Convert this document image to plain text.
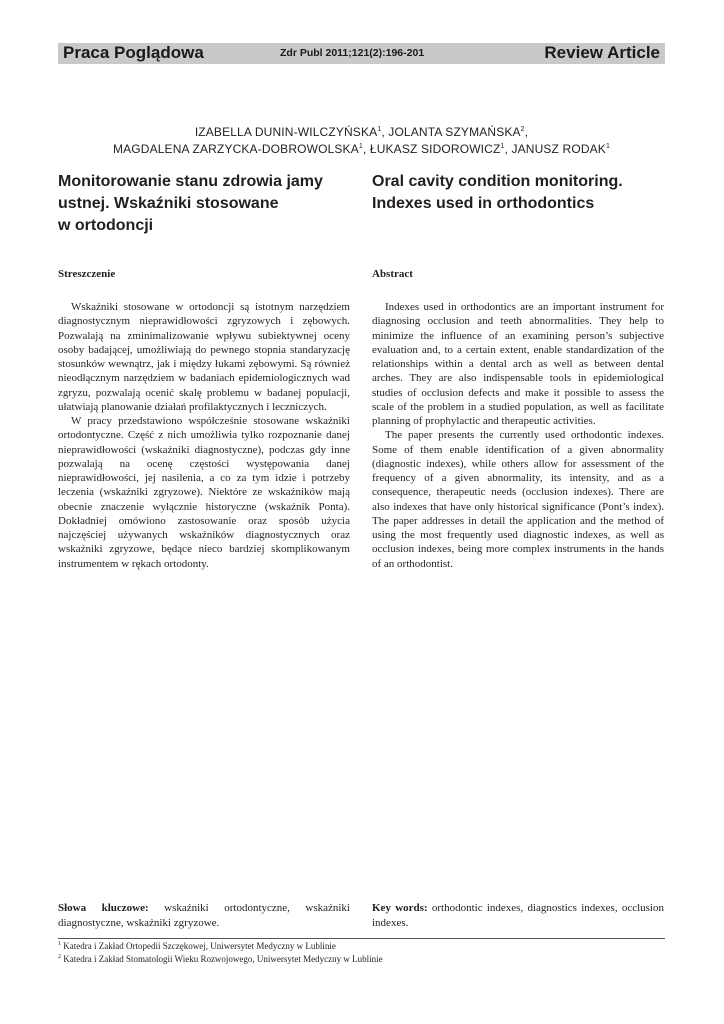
Praca Poglądowa	Zdr Publ 2011;121(2):196-201	Review Article
IZABELLA DUNIN-WILCZYŃSKA$^1$, JOLANTA SZYMAŃSKA$^2$,
MAGDALENA ZARZYCKA-DOBROWOLSKA$^1$, ŁUKASZ SIDOROWICZ$^1$, JANUSZ RODAK$^1$
Monitorowanie stanu zdrowia jamy
ustnej. Wskaźniki stosowane
w ortodoncji
Oral cavity condition monitoring.
Indexes used in orthodontics
Streszczenie	Abstract

Wskaźniki stosowane w ortodoncji są istotnym narzędziem diagnostycznym nieprawidłowości zgryzowych i zębowych. Pozwalają na zminimalizowanie wpływu subiektywnej oceny osoby badającej, umożliwiają do pewnego stopnia standaryzację stosunków wewnątrz, jak i między łukami zębowymi. Są również nieodłącznym narzędziem w badaniach epidemiologicznych wad zgryzu, pozwalają ocenić skalę problemu w badanej populacji, ułatwiają planowanie działań profilaktycznych i leczniczych.

W pracy przedstawiono współcześnie stosowane wskaźniki ortodontyczne. Część z nich umożliwia tylko rozpoznanie danej nieprawidłowości (wskaźniki diagnostyczne), podczas gdy inne pozwalają na ocenę częstości występowania danej nieprawidłowości, jej nasilenia, a co za tym idzie i potrzeby leczenia (wskaźniki zgryzowe). Niektóre ze wskaźników mają obecnie znaczenie wyłącznie historyczne (wskaźnik Ponta). Dokładniej omówiono zastosowanie oraz sposób użycia najczęściej używanych wskaźników diagnostycznych oraz wskaźniki zgryzowe, będące nieco bardziej skomplikowanym instrumentem w rękach ortodonty.

Indexes used in orthodontics are an important instrument for diagnosing occlusion and teeth abnormalities. They help to minimize the influence of an examining person’s subjective evaluation and, to a certain extent, enable standardization of the relationships within a dental arch as well as between dental arches. They are also indispensable tools in epidemiological studies of occlusion defects and make it possible to assess the scale of the problem in a studied population, as well as facilitate planning of prophylactic and therapeutic activities.

The paper presents the currently used orthodontic indexes. Some of them enable identification of a given abnormality (diagnostic indexes), while others allow for assessment of the frequency of a given abnormality, its intensity, and as a consequence, therapeutic needs (occlusion indexes). There are also indexes that have only historical significance (Pont’s index). The paper addresses in detail the application and the method of using the most frequently used diagnostic indexes, as well as occlusion indexes, being more complex instruments in the hands of an orthodontist.

Słowa kluczowe: wskaźniki ortodontyczne, wskaźniki diagnostyczne, wskaźniki zgryzowe.
Key words: orthodontic indexes, diagnostics indexes, occlusion indexes.
$^1$ Katedra i Zakład Ortopedii Szczękowej, Uniwersytet Medyczny w Lublinie
$^2$ Katedra i Zakład Stomatologii Wieku Rozwojowego, Uniwersytet Medyczny w Lublinie
